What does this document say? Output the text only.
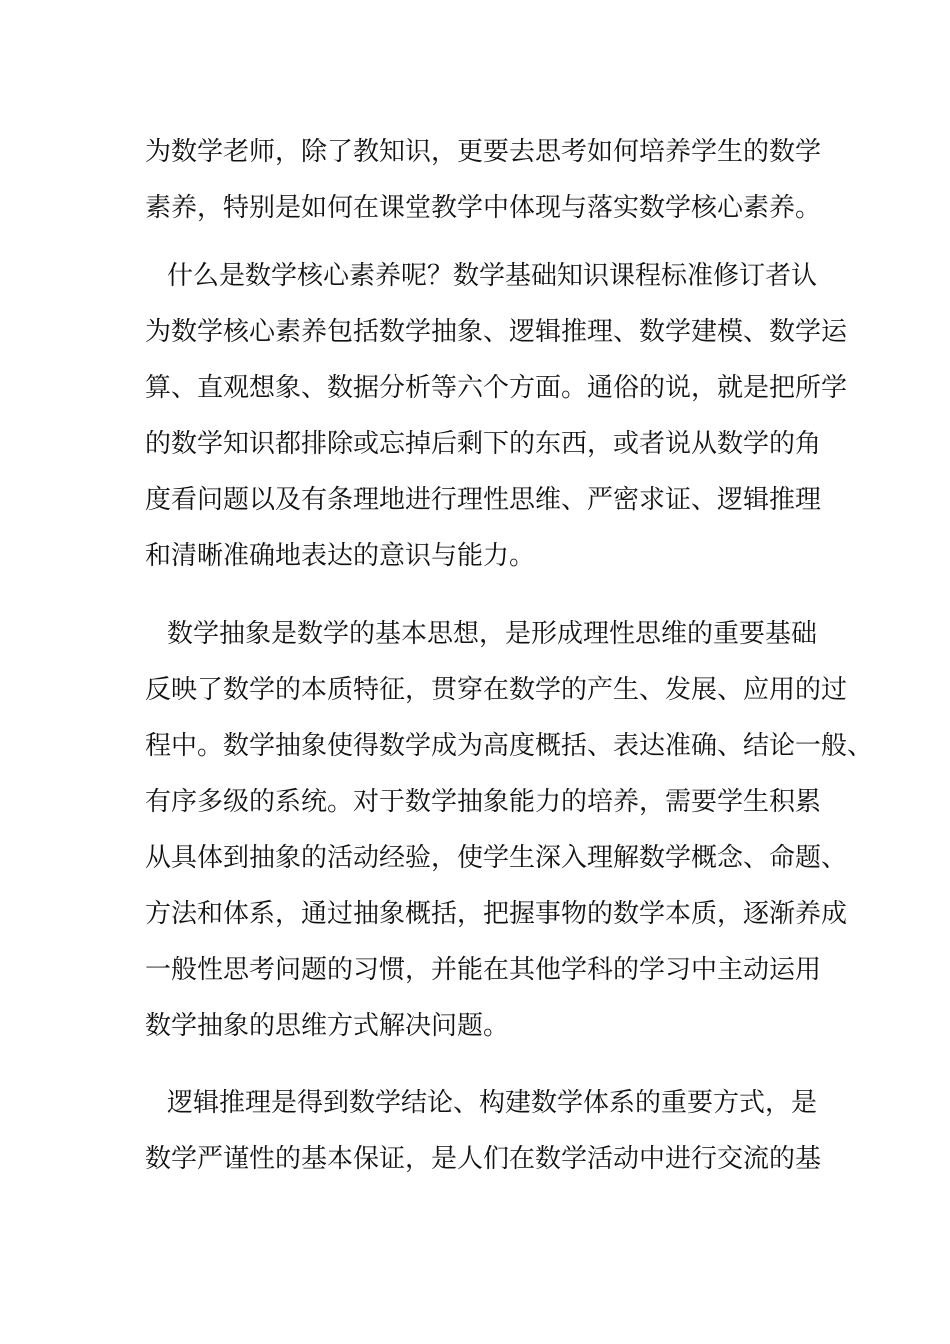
为数学老师，除了教知识，更要去思考如何培养学生的数学
素养，特别是如何在课堂教学中体现与落实数学核心素养。
什么是数学核心素养呢？数学基础知识课程标准修订者认
为数学核心素养包括数学抽象、逻辑推理、数学建模、数学运
算、直观想象、数据分析等六个方面。通俗的说，就是把所学
的数学知识都排除或忘掉后剩下的东西，或者说从数学的角
度看问题以及有条理地进行理性思维、严密求证、逻辑推理
和清晰准确地表达的意识与能力。
数学抽象是数学的基本思想，是形成理性思维的重要基础
反映了数学的本质特征，贯穿在数学的产生、发展、应用的过
程中。数学抽象使得数学成为高度概括、表达准确、结论一般、
有序多级的系统。对于数学抽象能力的培养，需要学生积累
从具体到抽象的活动经验，使学生深入理解数学概念、命题、
方法和体系，通过抽象概括，把握事物的数学本质，逐渐养成
一般性思考问题的习惯，并能在其他学科的学习中主动运用
数学抽象的思维方式解决问题。
逻辑推理是得到数学结论、构建数学体系的重要方式，是
数学严谨性的基本保证，是人们在数学活动中进行交流的基
